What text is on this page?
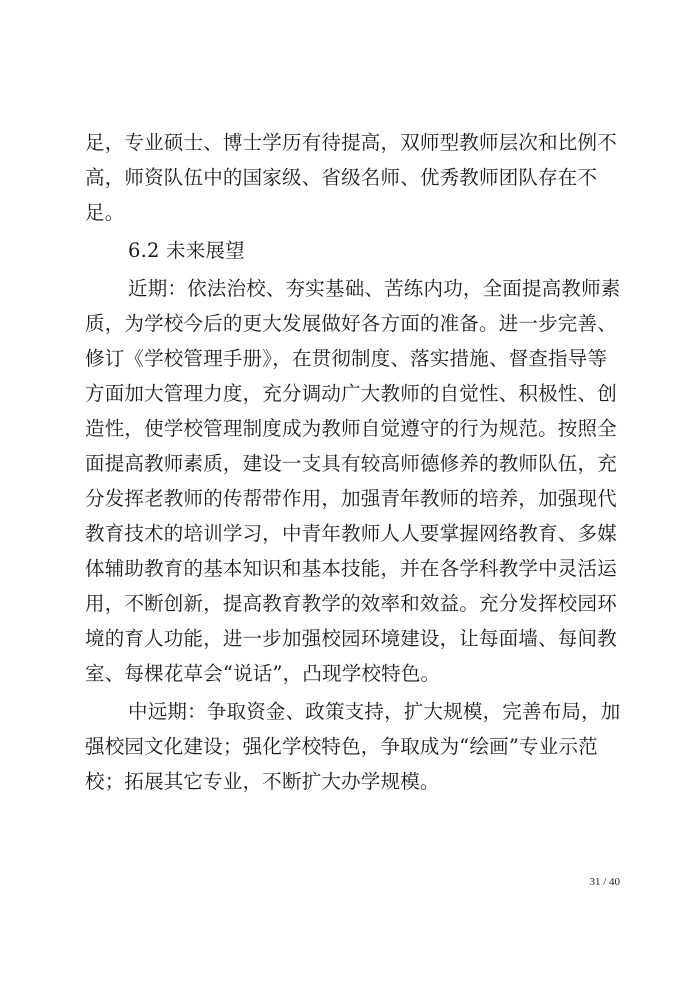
足，专业硕士、博士学历有待提高，双师型教师层次和比例不
高，师资队伍中的国家级、省级名师、优秀教师团队存在不
足。
6.2 未来展望
近期：依法治校、夯实基础、苦练内功，全面提高教师素
质，为学校今后的更大发展做好各方面的准备。进一步完善、
修订《学校管理手册》，在贯彻制度、落实措施、督查指导等
方面加大管理力度，充分调动广大教师的自觉性、积极性、创
造性，使学校管理制度成为教师自觉遵守的行为规范。按照全
面提高教师素质，建设一支具有较高师德修养的教师队伍，充
分发挥老教师的传帮带作用，加强青年教师的培养，加强现代
教育技术的培训学习，中青年教师人人要掌握网络教育、多媒
体辅助教育的基本知识和基本技能，并在各学科教学中灵活运
用，不断创新，提高教育教学的效率和效益。充分发挥校园环
境的育人功能，进一步加强校园环境建设，让每面墙、每间教
室、每棵花草会“说话”，凸现学校特色。
中远期：争取资金、政策支持，扩大规模，完善布局，加
强校园文化建设；强化学校特色，争取成为“绘画”专业示范
校；拓展其它专业，不断扩大办学规模。
31 / 40
